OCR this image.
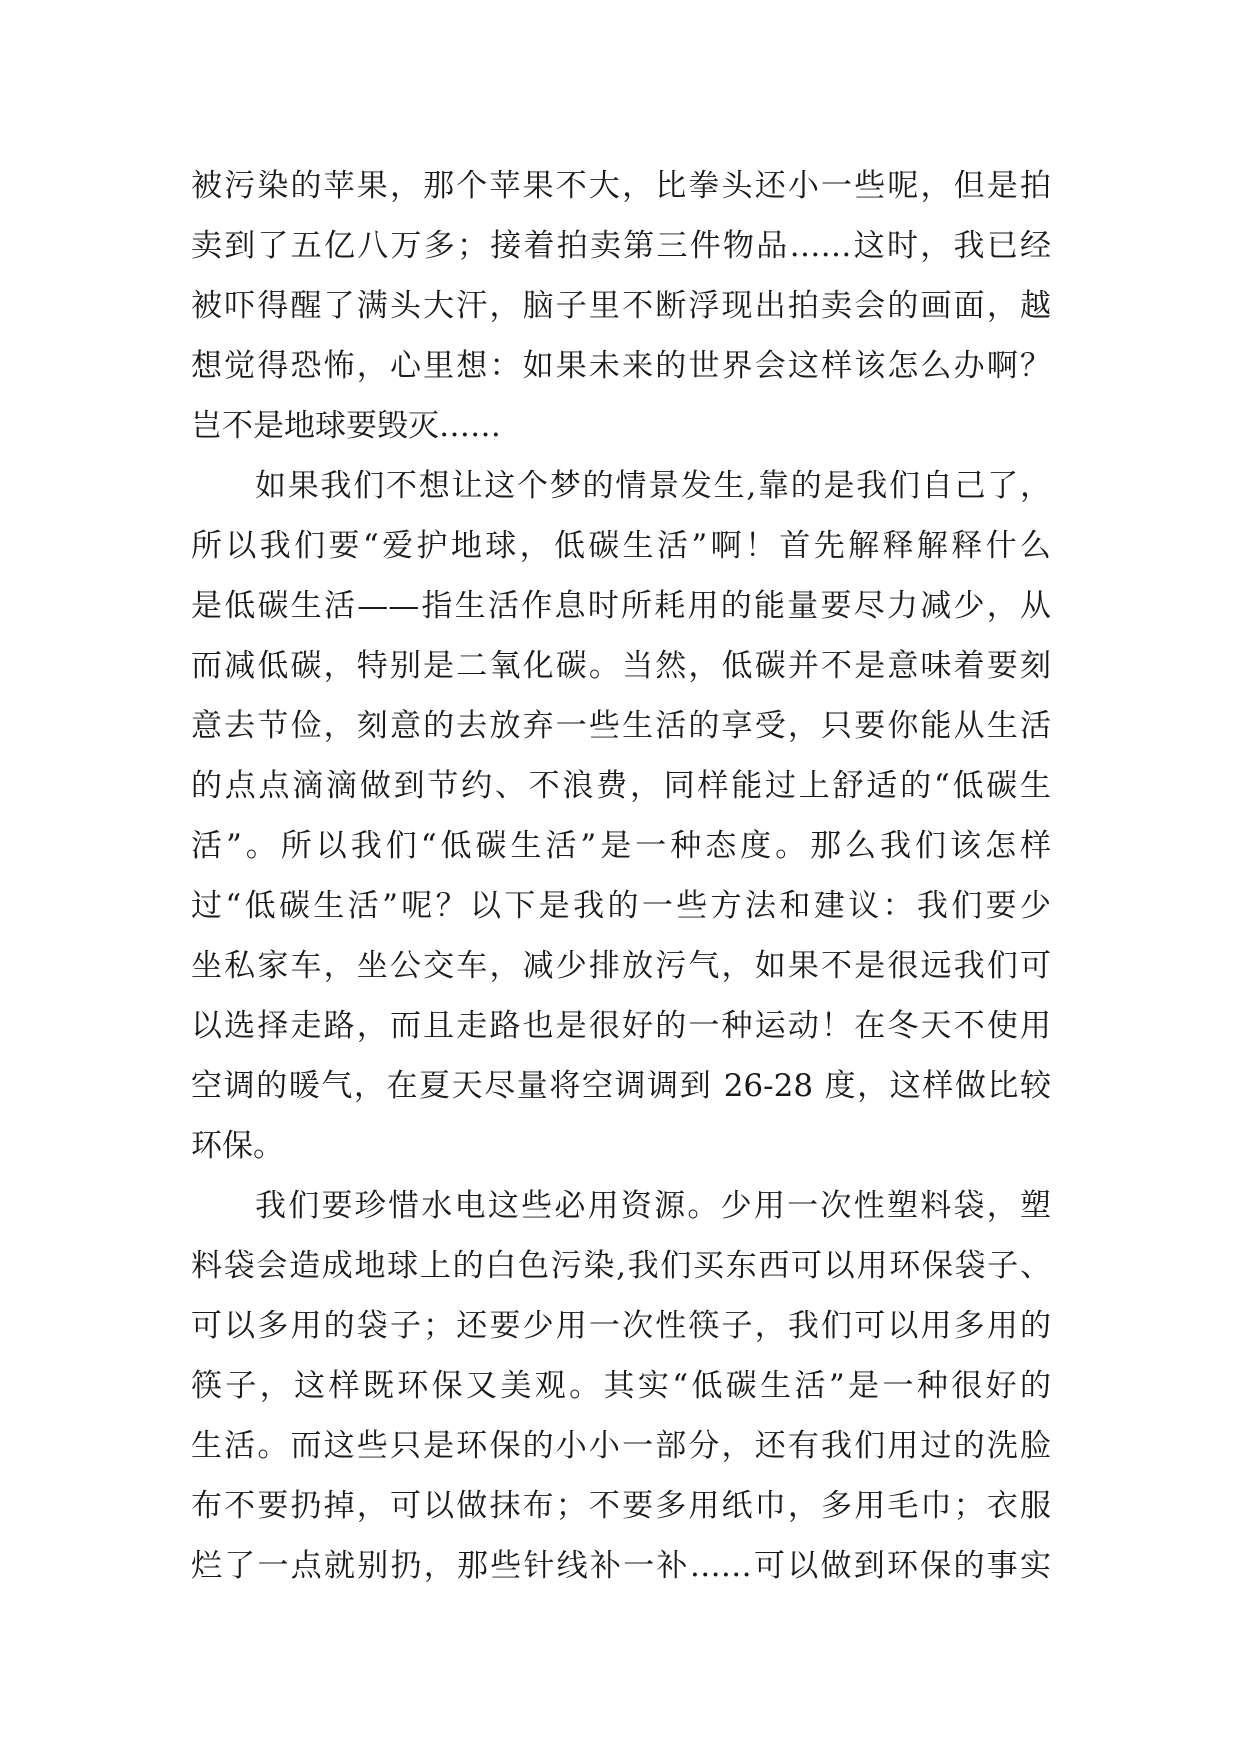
被污染的苹果，那个苹果不大，比拳头还小一些呢，但是拍
卖到了五亿八万多；接着拍卖第三件物品……这时，我已经
被吓得醒了满头大汗，脑子里不断浮现出拍卖会的画面，越
想觉得恐怖，心里想：如果未来的世界会这样该怎么办啊？
岂不是地球要毁灭……
如果我们不想让这个梦的情景发生,靠的是我们自己了，
所以我们要“爱护地球，低碳生活”啊！首先解释解释什么
是低碳生活——指生活作息时所耗用的能量要尽力减少，从
而减低碳，特别是二氧化碳。当然，低碳并不是意味着要刻
意去节俭，刻意的去放弃一些生活的享受，只要你能从生活
的点点滴滴做到节约、不浪费，同样能过上舒适的“低碳生
活”。所以我们“低碳生活”是一种态度。那么我们该怎样
过“低碳生活”呢？以下是我的一些方法和建议：我们要少
坐私家车，坐公交车，减少排放污气，如果不是很远我们可
以选择走路，而且走路也是很好的一种运动！在冬天不使用
空调的暖气，在夏天尽量将空调调到 26-28 度，这样做比较
环保。
我们要珍惜水电这些必用资源。少用一次性塑料袋，塑
料袋会造成地球上的白色污染,我们买东西可以用环保袋子、
可以多用的袋子；还要少用一次性筷子，我们可以用多用的
筷子，这样既环保又美观。其实“低碳生活”是一种很好的
生活。而这些只是环保的小小一部分，还有我们用过的洗脸
布不要扔掉，可以做抹布；不要多用纸巾，多用毛巾；衣服
烂了一点就别扔，那些针线补一补……可以做到环保的事实
